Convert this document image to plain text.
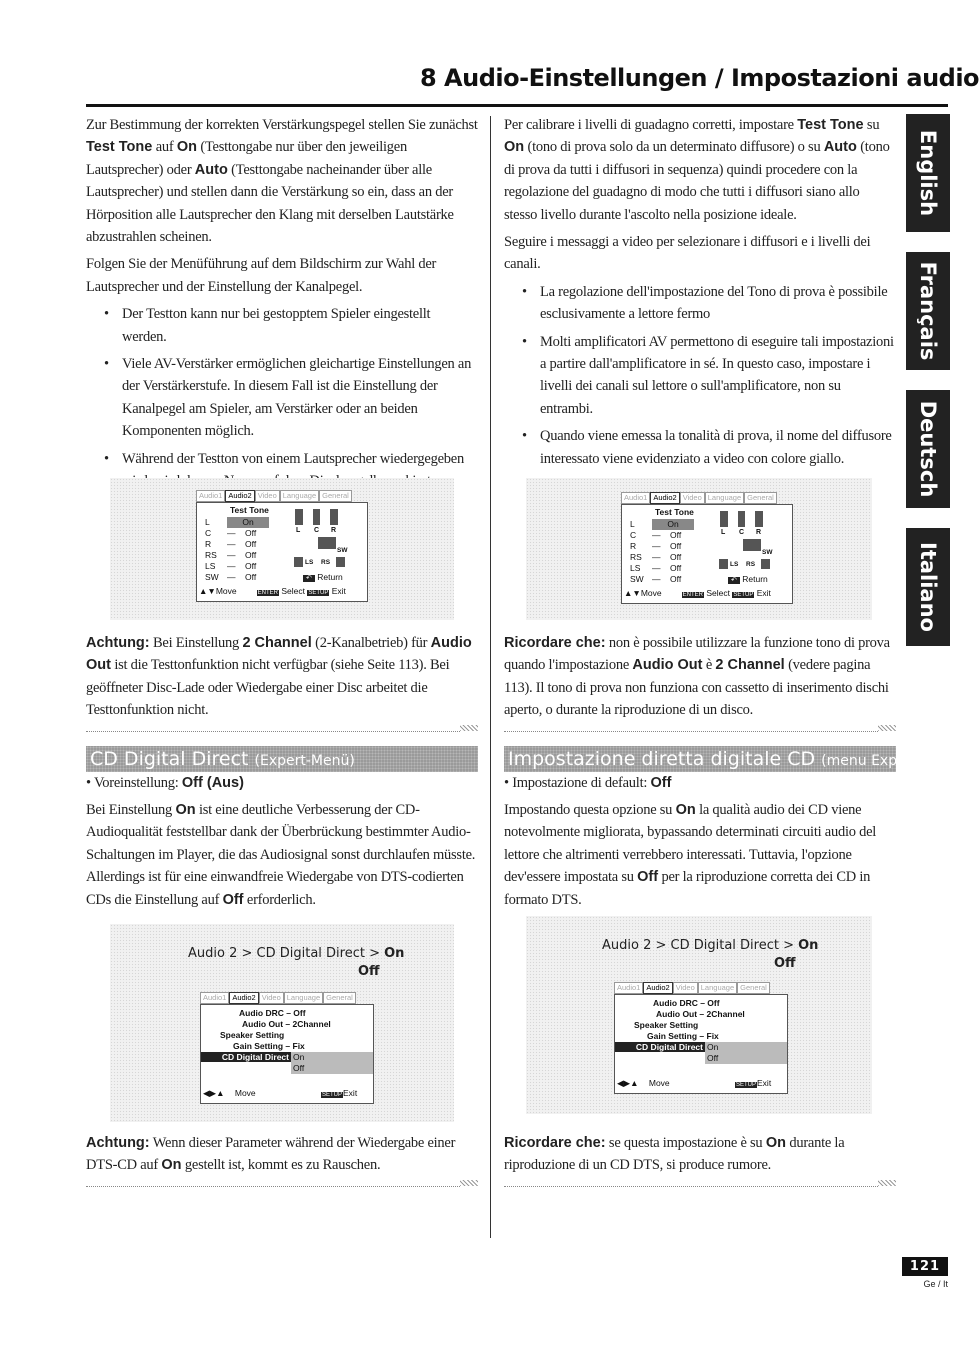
8 Audio-Einstellungen / Impostazioni audio

Zur Bestimmung der korrekten Verstärkungspegel stellen Sie zunächst Test Tone auf On (Testtongabe nur über den jeweiligen Lautsprecher) oder Auto (Testtongabe nacheinander über alle Lautsprecher) und stellen dann die Verstärkung so ein, dass an der Hörposition alle Lautsprecher den Klang mit derselben Lautstärke abzustrahlen scheinen.

Folgen Sie der Menüführung auf dem Bildschirm zur Wahl der Lautsprecher und der Einstellung der Kanalpegel.

• Der Testton kann nur bei gestopptem Spieler eingestellt werden.
• Viele AV-Verstärker ermöglichen gleichartige Einstellungen an der Verstärkerstufe. In diesem Fall ist die Einstellung der Kanalpegel am Spieler, am Verstärker oder an beiden Komponenten möglich.
• Während der Testton von einem Lautsprecher wiedergegeben

Per calibrare i livelli di guadagno corretti, impostare Test Tone su On (tono di prova solo da un determinato diffusore) o su Auto (tono di prova da tutti i diffusori in sequenza) quindi procedere con la regolazione del guadagno di modo che tutti i diffusori siano allo stesso livello durante l'ascolto nella posizione ideale.

Seguire i messaggi a video per selezionare i diffusori e i livelli dei canali.

• La regolazione dell'impostazione del Tono di prova è possibile esclusivamente a lettore fermo
• Molti amplificatori AV permettono di eseguire tali impostazioni a partire dall'amplificatore in sé. In questo caso, impostare i livelli dei canali sul lettore o sull'amplificatore, non su entrambi.
• Quando viene emessa la tonalità di prova, il nome del diffusore interessato viene evidenziato a video con colore giallo.
Audio1 Audio2 Video Language General
Test Tone
L	On
C — Off
R — Off
RS — Off
LS — Off
SW — Off
L C R
SW
LS RS
↶ Return
▲▼Move	ENTER Select SETUP Exit
Audio1 Audio2 Video Language General
Test Tone
L	On
C — Off
R — Off
RS — Off
LS — Off
SW — Off
L C R
SW
LS RS
↶ Return
▲▼Move	ENTER Select SETUP Exit
Achtung: Bei Einstellung 2 Channel (2-Kanalbetrieb) für Audio Out ist die Testtonfunktion nicht verfügbar (siehe Seite 113). Bei geöffneter Disc-Lade oder Wiedergabe einer Disc arbeitet die Testtonfunktion nicht.
Ricordare che: non è possibile utilizzare la funzione tono di prova quando l'impostazione Audio Out è 2 Channel (vedere pagina 113). Il tono di prova non funziona con cassetto di inserimento dischi aperto, o durante la riproduzione di un disco.
CD Digital Direct (Expert-Menü)	Impostazione diretta digitale CD (menu Expert )
• Voreinstellung: Off (Aus)	• Impostazione di default: Off
Bei Einstellung On ist eine deutliche Verbesserung der CD-Audioqualität feststellbar dank der Überbrückung bestimmter Audio-Schaltungen im Player, die das Audiosignal sonst durchlaufen müsste. Allerdings ist für eine einwandfreie Wiedergabe von DTS-codierten CDs die Einstellung auf Off erforderlich.
Impostando questa opzione su On la qualità audio dei CD viene notevolmente migliorata, bypassando determinati circuiti audio del lettore che altrimenti verrebbero interessati. Tuttavia, l'opzione dev'essere impostata su Off per la riproduzione corretta dei CD in formato DTS.
Audio 2 > CD Digital Direct > On
Off
Audio1 Audio2 Video Language General
Audio DRC – Off
Audio Out – 2Channel
Speaker Setting
Gain Setting – Fix
CD Digital Direct On
Off
◀▶▲ Move	SETUPExit
Audio 2 > CD Digital Direct > On
Off
Audio1 Audio2 Video Language General
Audio DRC – Off
Audio Out – 2Channel
Speaker Setting
Gain Setting – Fix
CD Digital Direct On
Off
◀▶▲ Move	SETUPExit
Achtung: Wenn dieser Parameter während der Wiedergabe einer DTS-CD auf On gestellt ist, kommt es zu Rauschen.
Ricordare che: se questa impostazione è su On durante la riproduzione di un CD DTS, si produce rumore.
English
Français
Deutsch
Italiano
121
Ge / It
